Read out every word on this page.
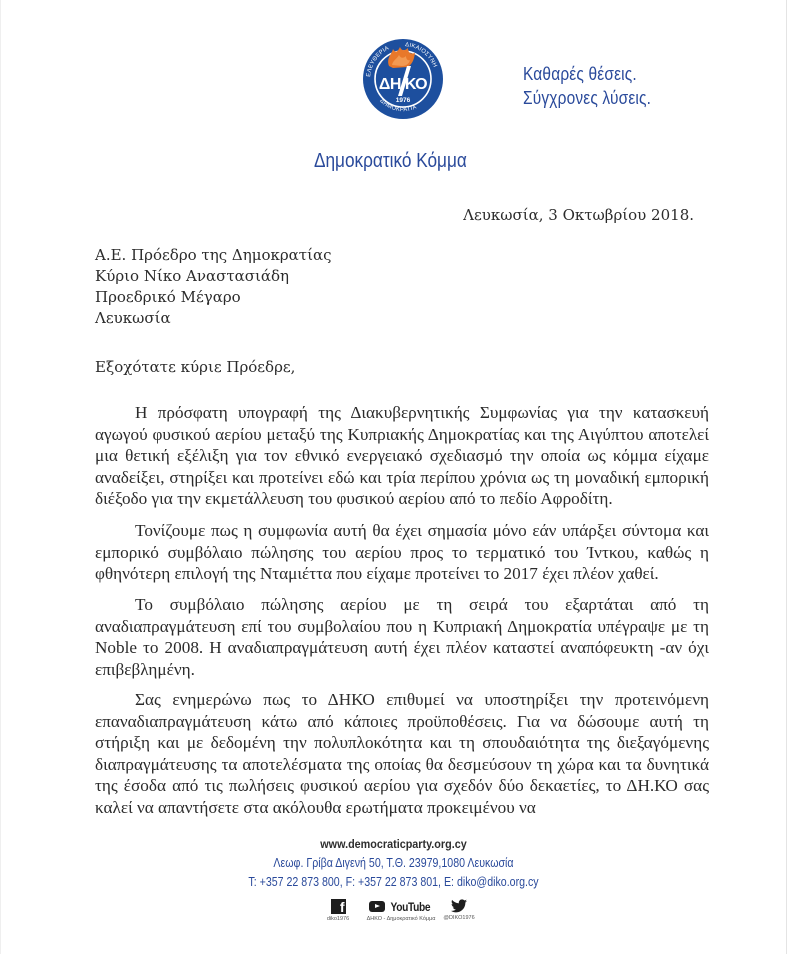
ΔΗ ΚΟ
1976
ΔΙΚΑΙΟΣΥΝΗ
ΕΛΕΥΘΕΡΙΑ
ΔΗΜΟΚΡΑΤΙΑ
Καθαρές θέσεις.
Σύγχρονες λύσεις.
Δημοκρατικό Κόμμα
Λευκωσία, 3 Οκτωβρίου 2018.
Α.Ε. Πρόεδρο της Δημοκρατίας
Κύριο Νίκο Αναστασιάδη
Προεδρικό Μέγαρο
Λευκωσία
Εξοχότατε κύριε Πρόεδρε,

Η πρόσφατη υπογραφή της Διακυβερνητικής Συμφωνίας για την κατασκευή αγωγού φυσικού αερίου μεταξύ της Κυπριακής Δημοκρατίας και της Αιγύπτου αποτελεί μια θετική εξέλιξη για τον εθνικό ενεργειακό σχεδιασμό την οποία ως κόμμα είχαμε αναδείξει, στηρίξει και προτείνει εδώ και τρία περίπου χρόνια ως τη μοναδική εμπορική διέξοδο για την εκμετάλλευση του φυσικού αερίου από το πεδίο Αφροδίτη.

Τονίζουμε πως η συμφωνία αυτή θα έχει σημασία μόνο εάν υπάρξει σύντομα και εμπορικό συμβόλαιο πώλησης του αερίου προς το τερματικό του Ίντκου, καθώς η φθηνότερη επιλογή της Νταμιέττα που είχαμε προτείνει το 2017 έχει πλέον χαθεί.

Το συμβόλαιο πώλησης αερίου με τη σειρά του εξαρτάται από τη αναδιαπραγμάτευση επί του συμβολαίου που η Κυπριακή Δημοκρατία υπέγραψε με τη Noble το 2008. Η αναδιαπραγμάτευση αυτή έχει πλέον καταστεί αναπόφευκτη -αν όχι επιβεβλημένη.

Σας ενημερώνω πως το ΔΗΚΟ επιθυμεί να υποστηρίξει την προτεινόμενη επαναδιαπραγμάτευση κάτω από κάποιες προϋποθέσεις. Για να δώσουμε αυτή τη στήριξη και με δεδομένη την πολυπλοκότητα και τη σπουδαιότητα της διεξαγόμενης διαπραγμάτευσης τα αποτελέσματα της οποίας θα δεσμεύσουν τη χώρα και τα δυνητικά της έσοδα από τις πωλήσεις φυσικού αερίου για σχεδόν δύο δεκαετίες, το ΔΗ.ΚΟ σας καλεί να απαντήσετε στα ακόλουθα ερωτήματα προκειμένου να

www.democraticparty.org.cy
Λεωφ. Γρίβα Διγενή 50, Τ.Θ. 23979,1080 Λευκωσία
Τ: +357 22 873 800, F: +357 22 873 801, E: diko@diko.org.cy
f
diko1976
YouTube
ΔΗΚΟ - Δημοκρατικό Κόμμα	@DIKO1976
